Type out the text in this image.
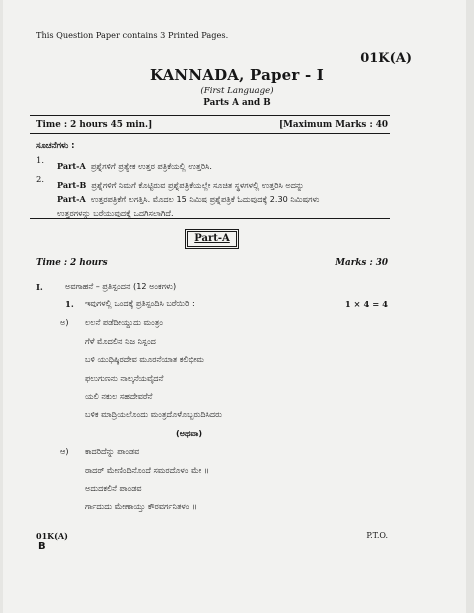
This Question Paper contains 3 Printed Pages.
01K(A)
KANNADA, Paper - I
(First Language)
Parts A and B
Time : 2 hours 45 min.]	[Maximum Marks : 40
ಸೂಚನೆಗಳು :
1.
Part-A ಪ್ರಶ್ನೆಗಳಿಗೆ ಪ್ರತ್ಯೇಕ ಉತ್ತರ ಪತ್ರಿಕೆಯಲ್ಲಿ ಉತ್ತರಿಸಿ.
2.
Part-B ಪ್ರಶ್ನೆಗಳಿಗೆ ನಿಮಗೆ ಕೊಟ್ಟಿರುವ ಪ್ರಶ್ನೆಪತ್ರಿಕೆಯಲ್ಲೇ ಸೂಚಿತ ಸ್ಥಳಗಳಲ್ಲಿ ಉತ್ತರಿಸಿ ಅದನ್ನು
Part-A ಉತ್ತರಪತ್ರಿಕೆಗೆ ಲಗತ್ತಿಸಿ. ಮೊದಲ 15 ನಿಮಿಷ ಪ್ರಶ್ನೆಪತ್ರಿಕೆ ಓದುವುದಕ್ಕೆ 2.30 ನಿಮಿಷಗಳು
ಉತ್ತರಗಳನ್ನು ಬರೆಯುವುದಕ್ಕೆ ಒದಗಿಸಲಾಗಿದೆ.
Part-A
Time : 2 hours	Marks : 30
I.	ಅವಗಾಹನೆ – ಪ್ರತಿಸ್ಪಂದನ (12 ಅಂಕಗಳು)
1. ಇವುಗಳಲ್ಲಿ ಒಂದಕ್ಕೆ ಪ್ರತಿಸ್ಪಂದಿಸಿ ಬರೆಯಿರಿ :	1 × 4 = 4
ಅ) ಲಲನೆ ಪಡೆದೀಯ್ದುದು ಮಂತ್ರಂ
ಗೆಳೆ ಮೊದಲಿನ ನಿಜ ನಿಸ್ಪಂದ
ಬಳಿ ಯುಧಿಷ್ಠಿರದೇವ ಮೂರನೆಯಾತ ಕಲಿಭೀಮ
ಫಲುಗುಣನು ನಾಲ್ಕನೆಯವೈದನೆ
ಯಲಿ ನಕುಲ ಸಹದೇವರೆನೆ
ಬಳಿಕ ಮಾದ್ರಿಯಲೊಂದು ಮಂತ್ರದೊಳೊಬ್ಬರುದಿಸಿದರು
(ಅಥವಾ)
ಆ) ಕಾದರಿದೆನ್ನು ಪಾಂಡವ
ರಾದರ್ ಮೇಣಿಂದಿನೊಂದೆ ಸಮರದೊಳಂ ಮೇ ॥
ಅದುದಕಲಿನೆ ಪಾಂಡವ
ರ್ಗಾದುದು ಮೇಣಾಯ್ತು ಕೌರವರ್ಗನಿತಳಂ ॥
01K(A)
B
P.T.O.
